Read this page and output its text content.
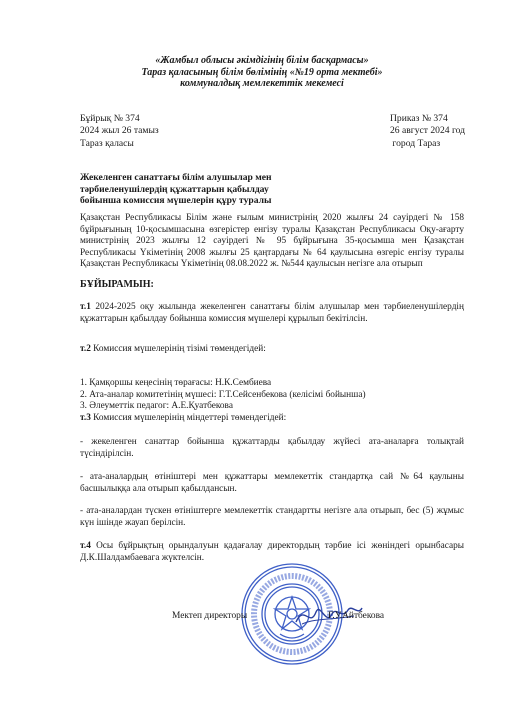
«Жамбыл облысы әкімдігінің білім басқармасы»
Тараз қаласының білім бөлімінің «№19 орта мектебі»
коммуналдық мемлекеттік мекемесі
Бұйрық № 374
2024 жыл 26 тамыз
Тараз қаласы
Приказ № 374
26 август 2024 год
город Тараз
Жекеленген санаттағы білім алушылар мен
тәрбиеленушілердің құжаттарын қабылдау
бойынша комиссия мүшелерін құру туралы
Қазақстан Республикасы Білім және ғылым министрінің 2020 жылғы 24 сәуірдегі № 158 бұйрығының 10-қосымшасына өзгерістер енгізу туралы Қазақстан Республикасы Оқу-ағарту министрінің 2023 жылғы 12 сәуірдегі № 95 бұйрығына 35-қосымша мен Қазақстан Республикасы Үкіметінің 2008 жылғы 25 қаңтардағы № 64 қаулысына өзгеріс енгізу туралы Қазақстан Республикасы Үкіметінің 08.08.2022 ж. №544 қаулысын негізге ала отырып
БҰЙЫРАМЫН:
т.1 2024-2025 оқу жылында жекеленген санаттағы білім алушылар мен тәрбиеленушілердің құжаттарын қабылдау бойынша комиссия мүшелері құрылып бекітілсін.
т.2 Комиссия мүшелерінің тізімі төмендегідей:
1. Қамқоршы кеңесінің төрағасы: Н.К.Сембиева
2. Ата-аналар комитетінің мүшесі: Г.Т.Сейсенбекова (келісімі бойынша)
3. Әлеуметтік педагог: А.Е.Қуатбекова
т.3 Комиссия мүшелерінің міндеттері төмендегідей:
- жекеленген санаттар бойынша құжаттарды қабылдау жүйесі ата-аналарға толықтай түсіндірілсін.
- ата-аналардың өтініштері мен құжаттары мемлекеттік стандартқа сай №64 қаулыны басшылыққа ала отырып қабылдансын.
- ата-аналардан түскен өтініштерге мемлекеттік стандартты негізге ала отырып, бес (5) жұмыс күн ішінде жауап берілсін.
т.4 Осы бұйрықтың орындалуын қадағалау директордың тәрбие ісі жөніндегі орынбасары Д.К.Шалдамбаевага жүктелсін.
Мектеп директоры	Г.У.Айтбекова
